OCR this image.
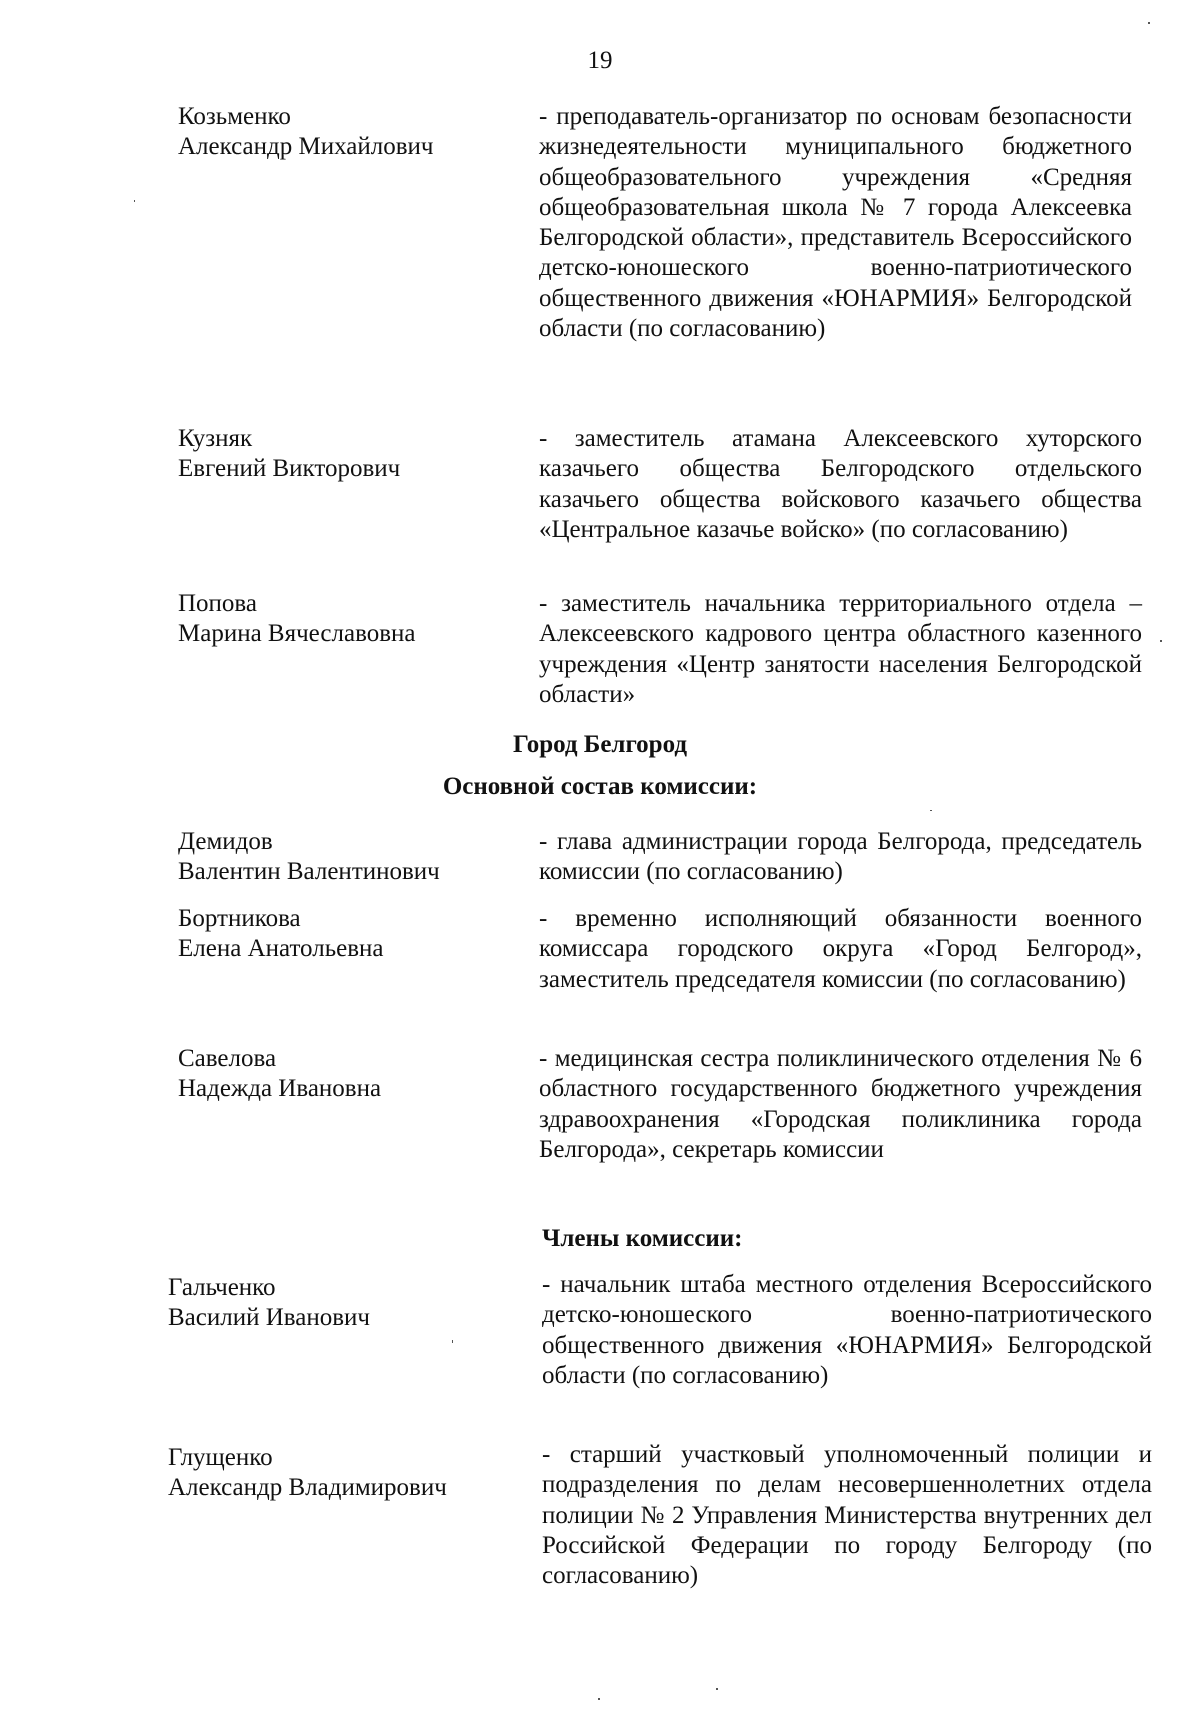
19
Козьменко
Александр Михайлович
- преподаватель-организатор по основам безопасности жизнедеятельности муниципального бюджетного общеобразовательного учреждения «Средняя общеобразовательная школа № 7 города Алексеевка Белгородской области», представитель Всероссийского детско-юношеского военно-патриотического общественного движения «ЮНАРМИЯ» Белгородской области (по согласованию)
Кузняк
Евгений Викторович
- заместитель атамана Алексеевского хуторского казачьего общества Белгородского отдельского казачьего общества войскового казачьего общества «Центральное казачье войско» (по согласованию)
Попова
Марина Вячеславовна
- заместитель начальника территориального отдела – Алексеевского кадрового центра областного казенного учреждения «Центр занятости населения Белгородской области»
Город Белгород
Основной состав комиссии:
Демидов
Валентин Валентинович
- глава администрации города Белгорода, председатель комиссии (по согласованию)
Бортникова
Елена Анатольевна
- временно исполняющий обязанности военного комиссара городского округа «Город Белгород», заместитель председателя комиссии (по согласованию)
Савелова
Надежда Ивановна
- медицинская сестра поликлинического отделения № 6 областного государственного бюджетного учреждения здравоохранения «Городская поликлиника города Белгорода», секретарь комиссии
Члены комиссии:
Гальченко
Василий Иванович
- начальник штаба местного отделения Всероссийского детско-юношеского военно-патриотического общественного движения «ЮНАРМИЯ» Белгородской области (по согласованию)
Глущенко
Александр Владимирович
- старший участковый уполномоченный полиции и подразделения по делам несовершеннолетних отдела полиции № 2 Управления Министерства внутренних дел Российской Федерации по городу Белгороду (по согласованию)
